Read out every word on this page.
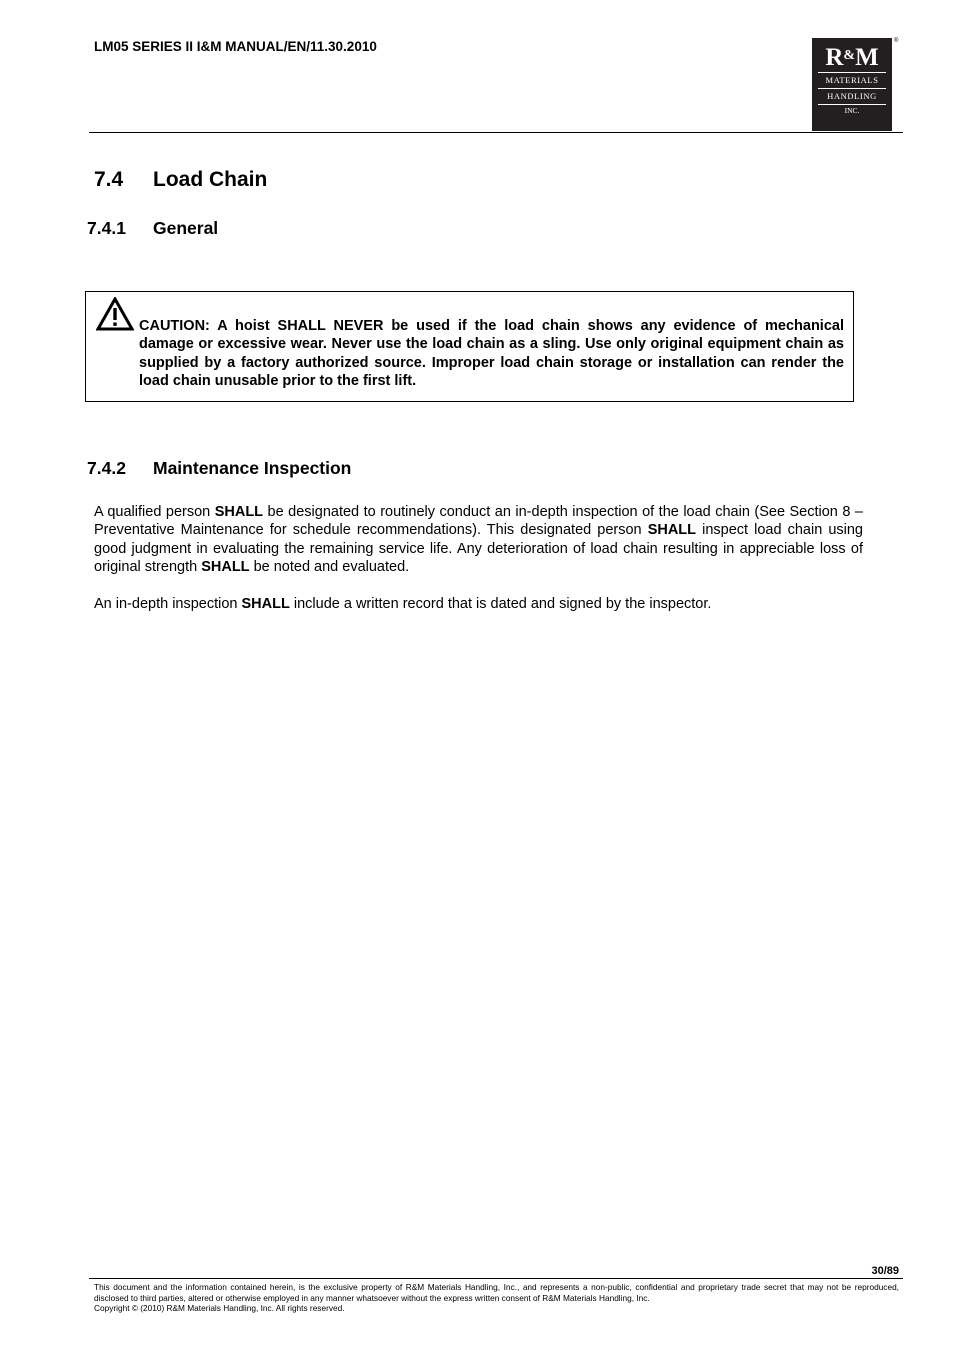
LM05 SERIES II I&M MANUAL/EN/11.30.2010	R&M
MATERIALS
HANDLING
INC.
®
7.4 Load Chain
7.4.1 General
CAUTION: A hoist SHALL NEVER be used if the load chain shows any evidence of mechanical damage or excessive wear. Never use the load chain as a sling. Use only original equipment chain as supplied by a factory authorized source. Improper load chain storage or installation can render the load chain unusable prior to the first lift.
7.4.2 Maintenance Inspection
A qualified person SHALL be designated to routinely conduct an in-depth inspection of the load chain (See Section 8 – Preventative Maintenance for schedule recommendations). This designated person SHALL inspect load chain using good judgment in evaluating the remaining service life. Any deterioration of load chain resulting in appreciable loss of original strength SHALL be noted and evaluated.
An in-depth inspection SHALL include a written record that is dated and signed by the inspector.
30/89
This document and the information contained herein, is the exclusive property of R&M Materials Handling, Inc., and represents a non-public, confidential and proprietary trade secret that may not be reproduced, disclosed to third parties, altered or otherwise employed in any manner whatsoever without the express written consent of R&M Materials Handling, Inc.
Copyright © (2010) R&M Materials Handling, Inc. All rights reserved.
